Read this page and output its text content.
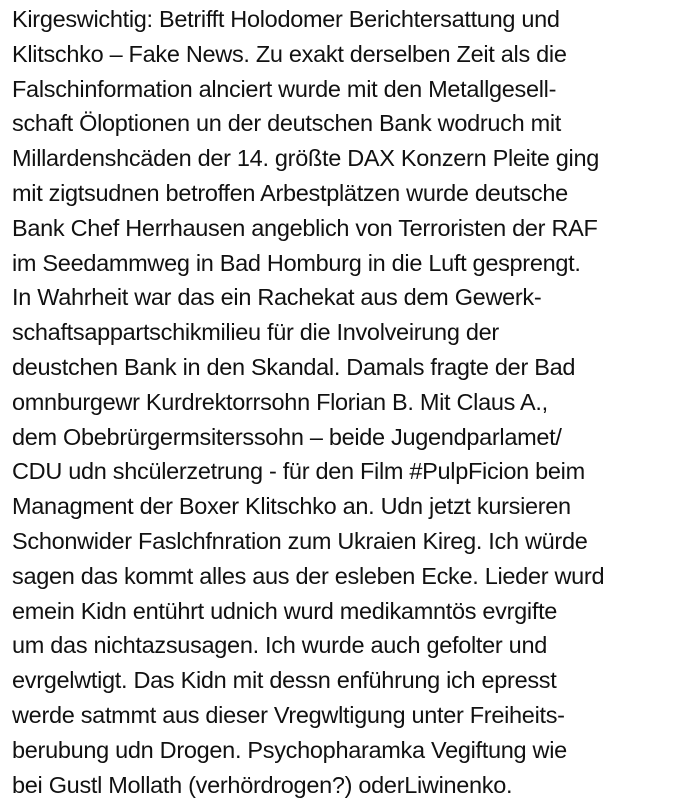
Kirgeswichtig: Betrifft Holodomer Berichtersattung und
Klitschko – Fake News. Zu exakt derselben Zeit als die
Falschinformation alnciert wurde mit den Metallgesell-
schaft Öloptionen un der deutschen Bank wodruch mit
Millardenshcäden der 14. größte DAX Konzern Pleite ging
mit zigtsudnen betroffen Arbestplätzen wurde deutsche
Bank Chef Herrhausen angeblich von Terroristen der RAF
im Seedammweg in Bad Homburg in die Luft gesprengt.
In Wahrheit war das ein Rachekat aus dem Gewerk-
schaftsappartschikmilieu für die Involveirung der
deustchen Bank in den Skandal. Damals fragte der Bad
omnburgewr Kurdrektorrsohn Florian B. Mit Claus A.,
dem Obebrürgermsiterssohn – beide Jugendparlamet/
CDU udn shcülerzetrung - für den Film #PulpFicion beim
Managment der Boxer Klitschko an. Udn jetzt kursieren
Schonwider Faslchfnration zum Ukraien Kireg. Ich würde
sagen das kommt alles aus der esleben Ecke. Lieder wurd
emein Kidn entührt udnich wurd medikamntös evrgifte
um das nichtazsusagen. Ich wurde auch gefolter und
evrgelwtigt. Das Kidn mit dessn enführung ich epresst
werde satmmt aus dieser Vregwltigung unter Freiheits-
berubung udn Drogen. Psychopharamka Vegiftung wie
bei Gustl Mollath (verhördrogen?) oderLiwinenko.
